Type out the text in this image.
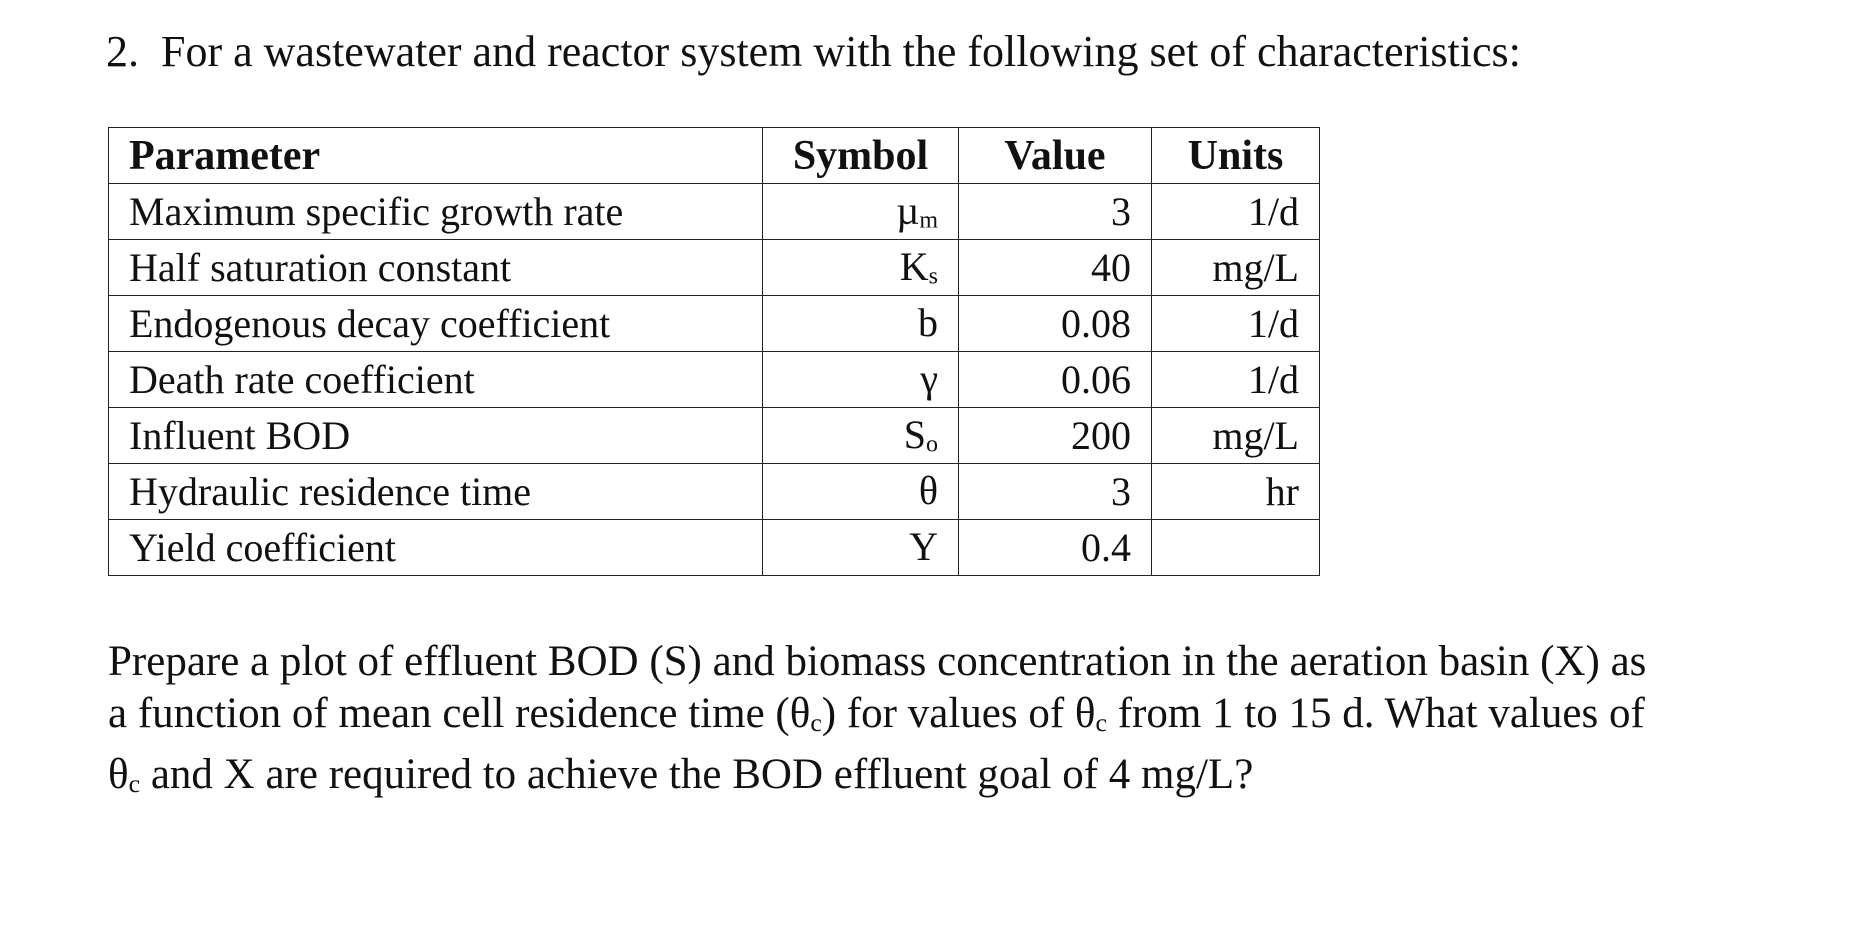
2. For a wastewater and reactor system with the following set of characteristics:
Parameter	Symbol	Value	Units
Maximum specific growth rate	µm	3	1/d
Half saturation constant	Ks	40	mg/L
Endogenous decay coefficient	b	0.08	1/d
Death rate coefficient	γ	0.06	1/d
Influent BOD	So	200	mg/L
Hydraulic residence time	θ	3	hr
Yield coefficient	Y	0.4	

Prepare a plot of effluent BOD (S) and biomass concentration in the aeration basin (X) as

a function of mean cell residence time (θc) for values of θc from 1 to 15 d. What values of

θc and X are required to achieve the BOD effluent goal of 4 mg/L?
